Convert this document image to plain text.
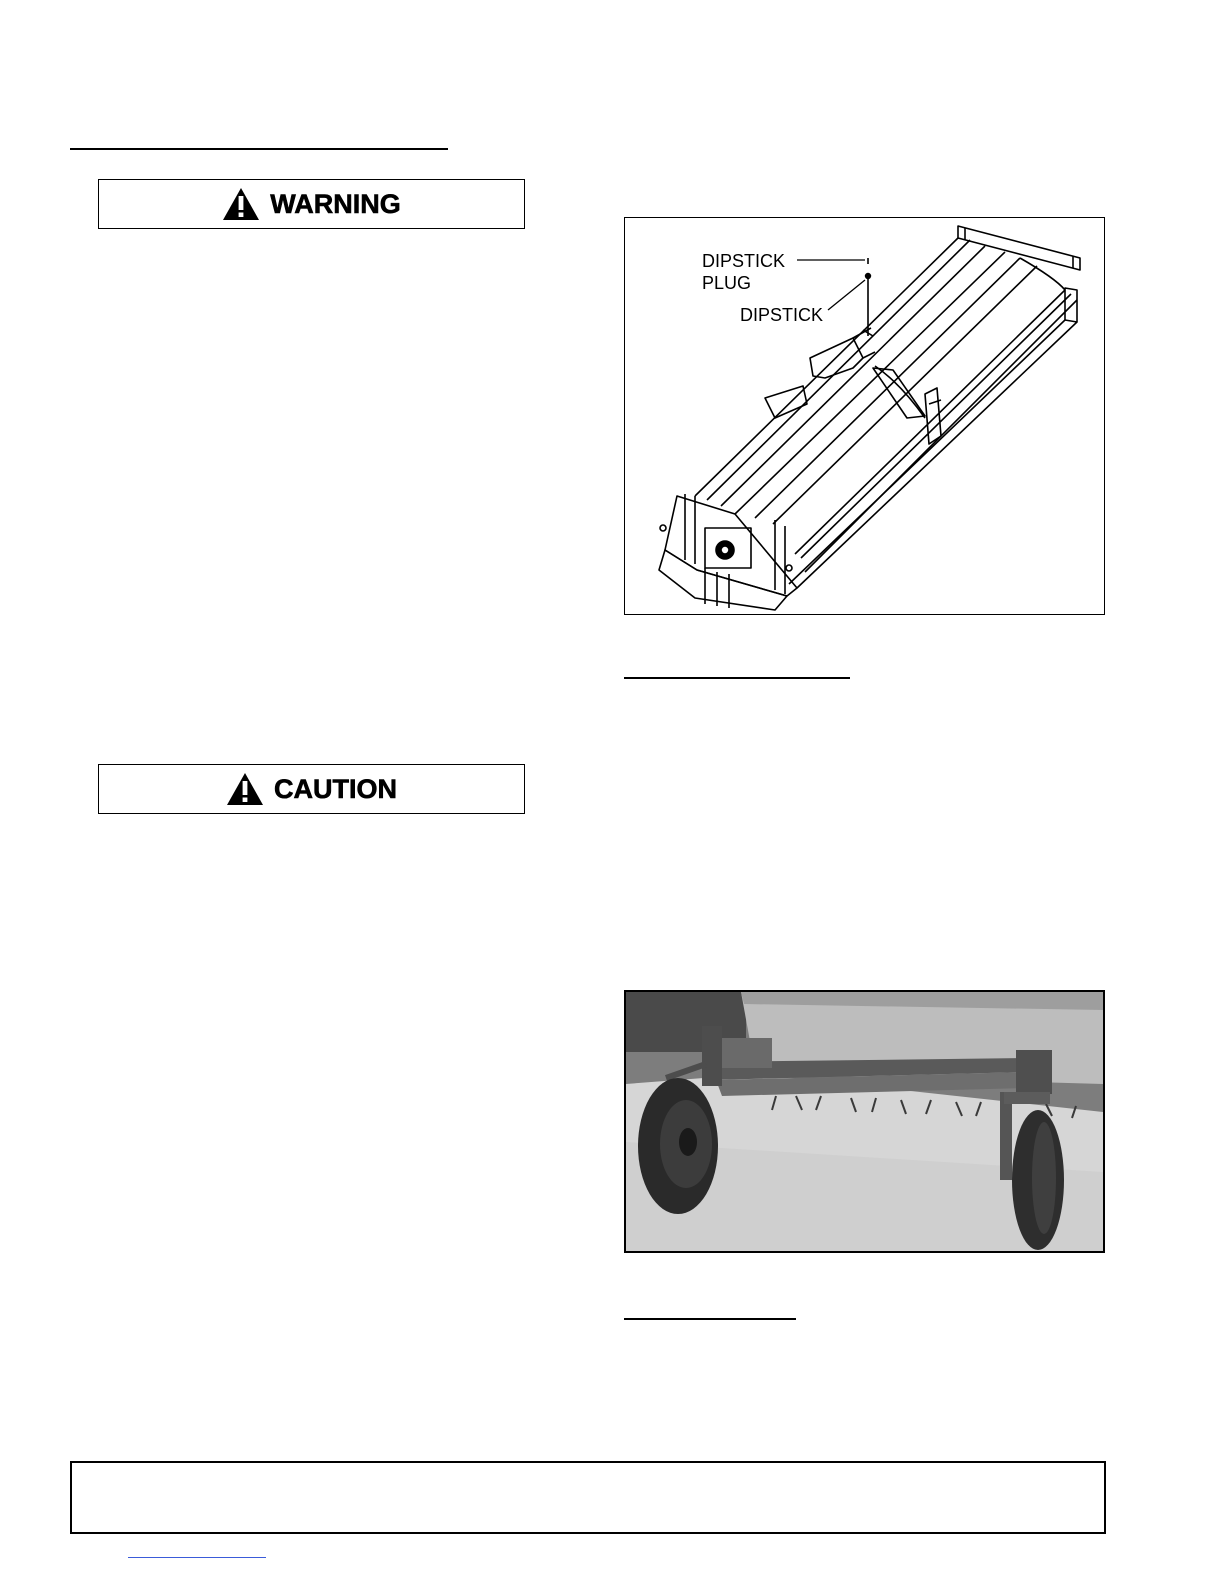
WARNING
CAUTION
DIPSTICK
PLUG
DIPSTICK
